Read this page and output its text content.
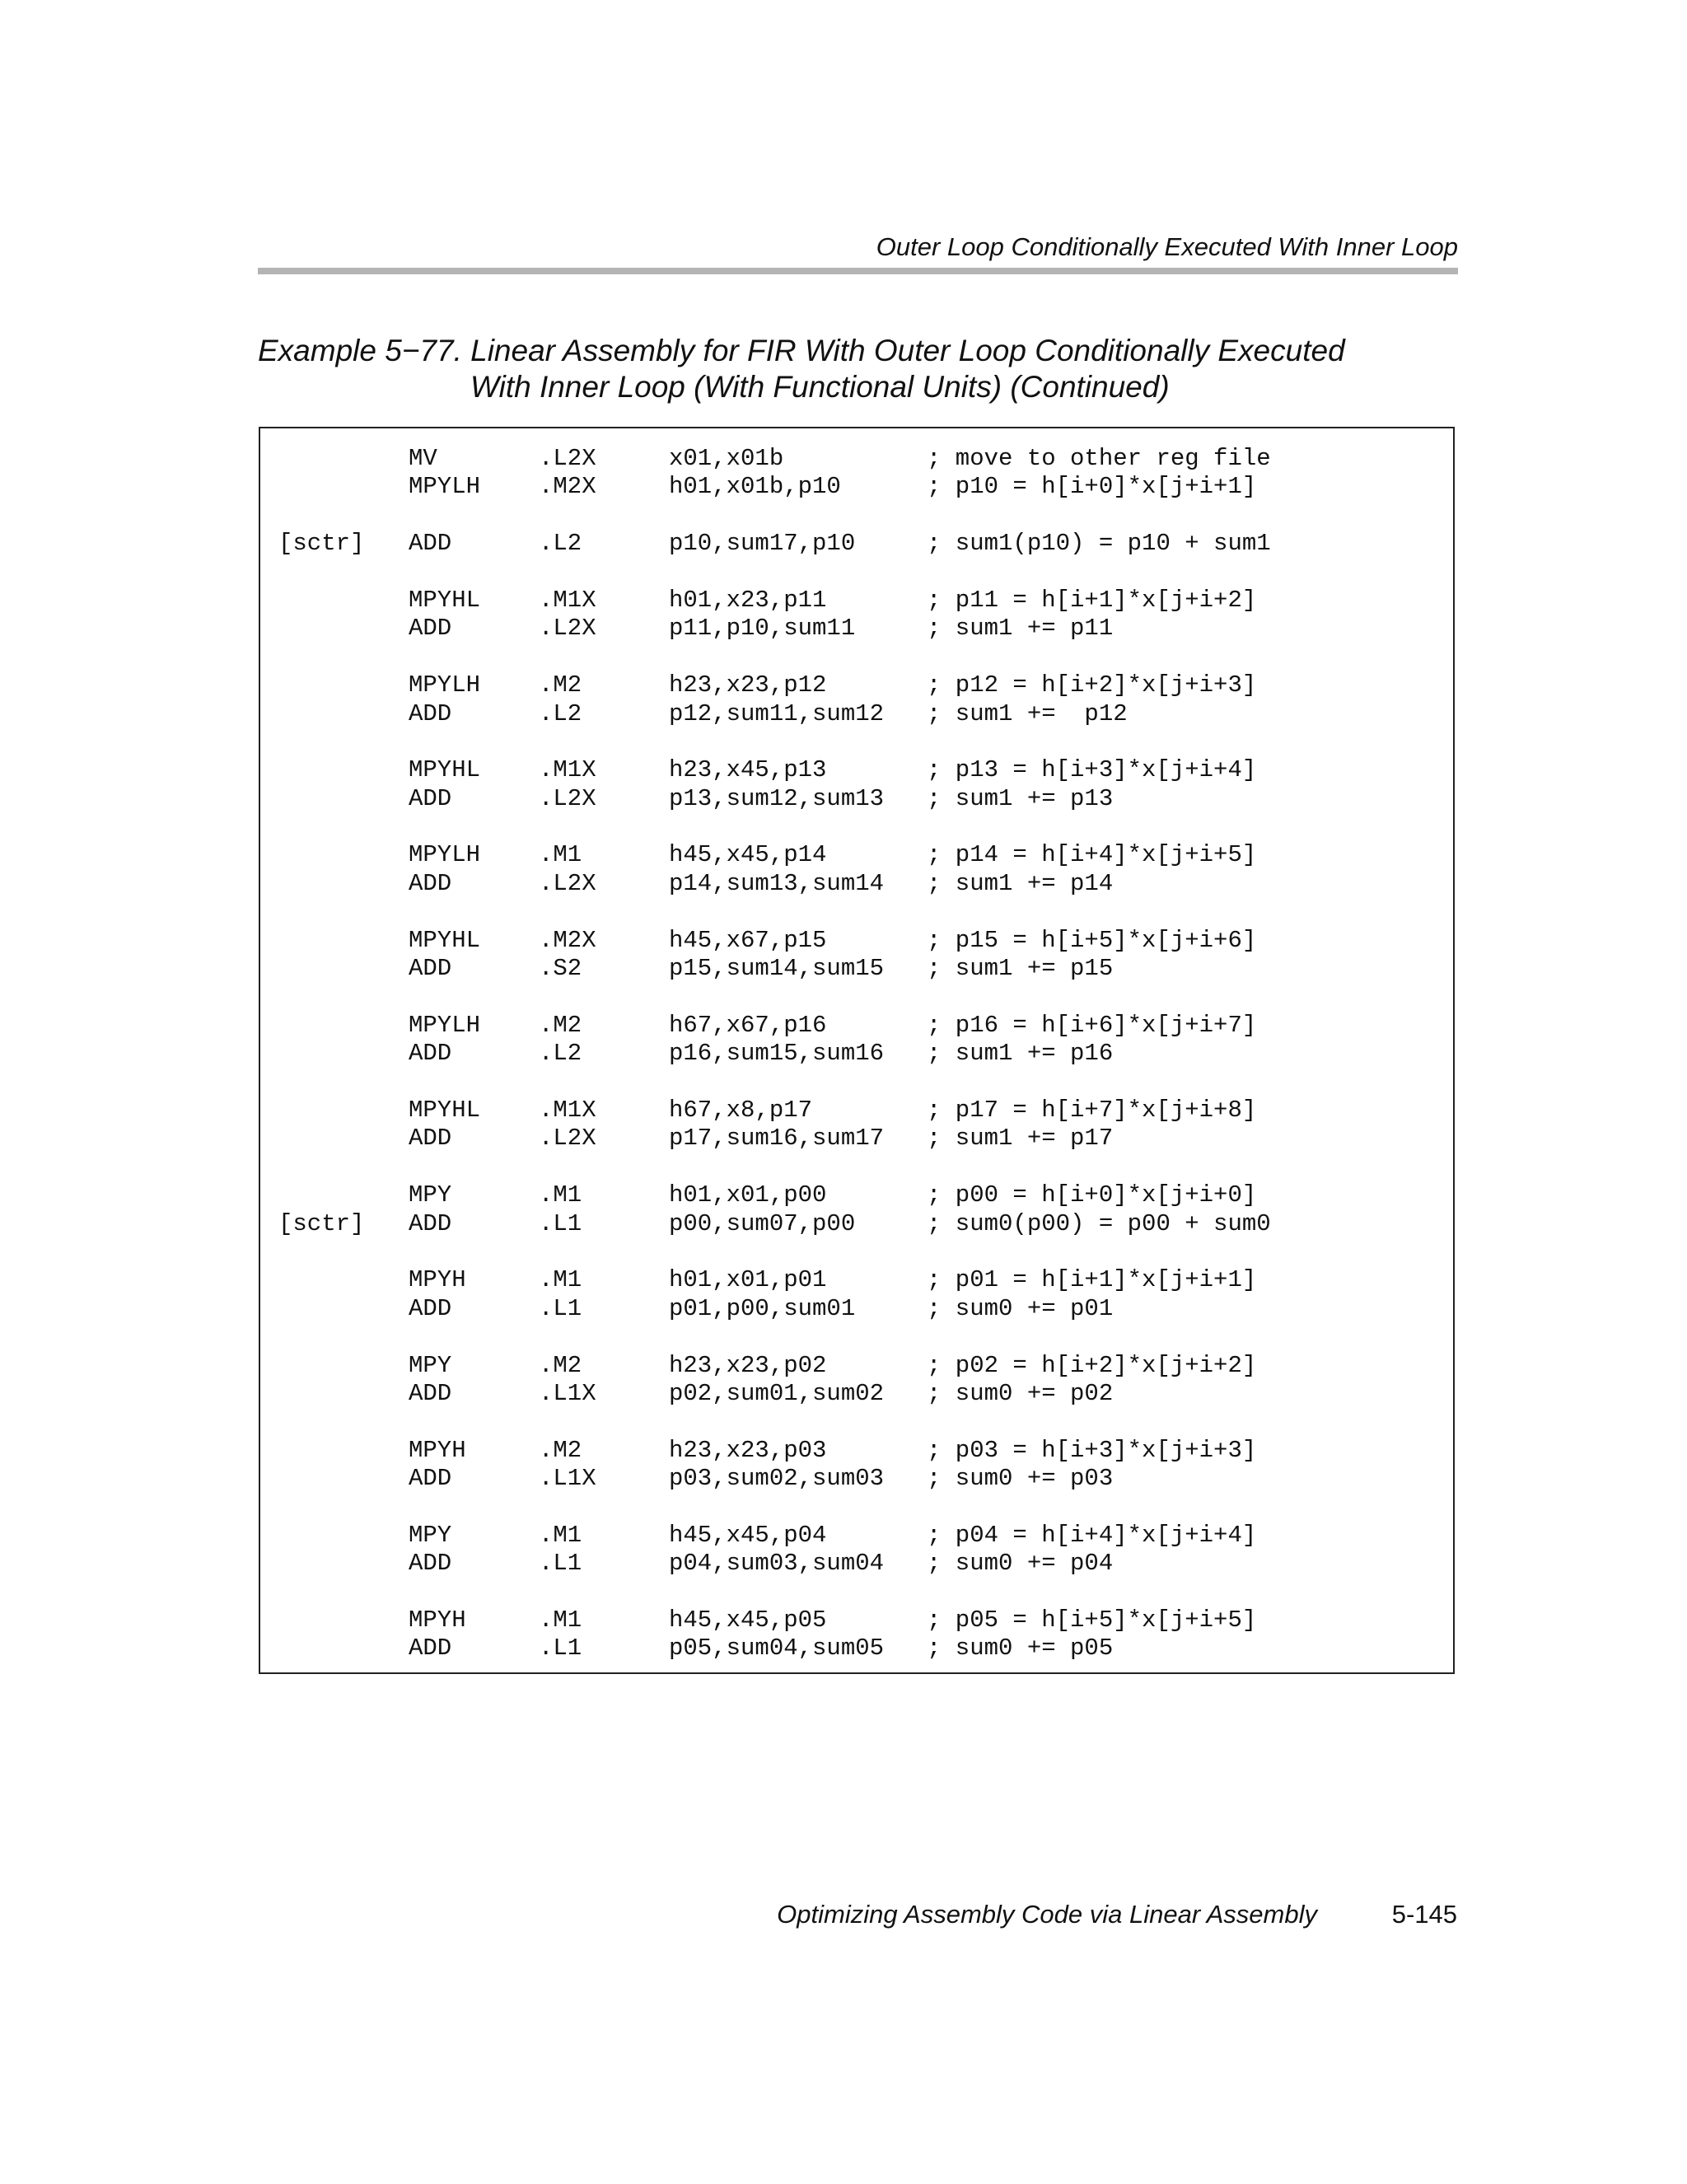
Outer Loop Conditionally Executed With Inner Loop
Example 5−77. Linear Assembly for FIR With Outer Loop Conditionally Executed
With Inner Loop (With Functional Units) (Continued)
MV	.L2X	x01,x01b	; move to other reg file
MPYLH .M2X	h01,x01b,p10	; p10 = h[i+0]*x[j+i+1]
[sctr] ADD	.L2	p10,sum17,p10	; sum1(p10) = p10 + sum1
MPYHL .M1X	h01,x23,p11	; p11 = h[i+1]*x[j+i+2]
ADD	.L2X	p11,p10,sum11	; sum1 += p11
MPYLH .M2	h23,x23,p12	; p12 = h[i+2]*x[j+i+3]
ADD	.L2	p12,sum11,sum12 ; sum1 +=  p12
MPYHL .M1X	h23,x45,p13	; p13 = h[i+3]*x[j+i+4]
ADD	.L2X	p13,sum12,sum13 ; sum1 += p13
MPYLH .M1	h45,x45,p14	; p14 = h[i+4]*x[j+i+5]
ADD	.L2X	p14,sum13,sum14 ; sum1 += p14
MPYHL .M2X	h45,x67,p15	; p15 = h[i+5]*x[j+i+6]
ADD	.S2	p15,sum14,sum15 ; sum1 += p15
MPYLH .M2	h67,x67,p16	; p16 = h[i+6]*x[j+i+7]
ADD	.L2	p16,sum15,sum16 ; sum1 += p16
MPYHL .M1X	h67,x8,p17	; p17 = h[i+7]*x[j+i+8]
ADD	.L2X	p17,sum16,sum17 ; sum1 += p17
MPY	.M1	h01,x01,p00	; p00 = h[i+0]*x[j+i+0]
[sctr] ADD	.L1	p00,sum07,p00	; sum0(p00) = p00 + sum0
MPYH	.M1	h01,x01,p01	; p01 = h[i+1]*x[j+i+1]
ADD	.L1	p01,p00,sum01	; sum0 += p01
MPY	.M2	h23,x23,p02	; p02 = h[i+2]*x[j+i+2]
ADD	.L1X	p02,sum01,sum02 ; sum0 += p02
MPYH	.M2	h23,x23,p03	; p03 = h[i+3]*x[j+i+3]
ADD	.L1X	p03,sum02,sum03 ; sum0 += p03
MPY	.M1	h45,x45,p04	; p04 = h[i+4]*x[j+i+4]
ADD	.L1	p04,sum03,sum04 ; sum0 += p04
MPYH	.M1	h45,x45,p05	; p05 = h[i+5]*x[j+i+5]
ADD	.L1	p05,sum04,sum05 ; sum0 += p05
Optimizing Assembly Code via Linear Assembly	5-145
